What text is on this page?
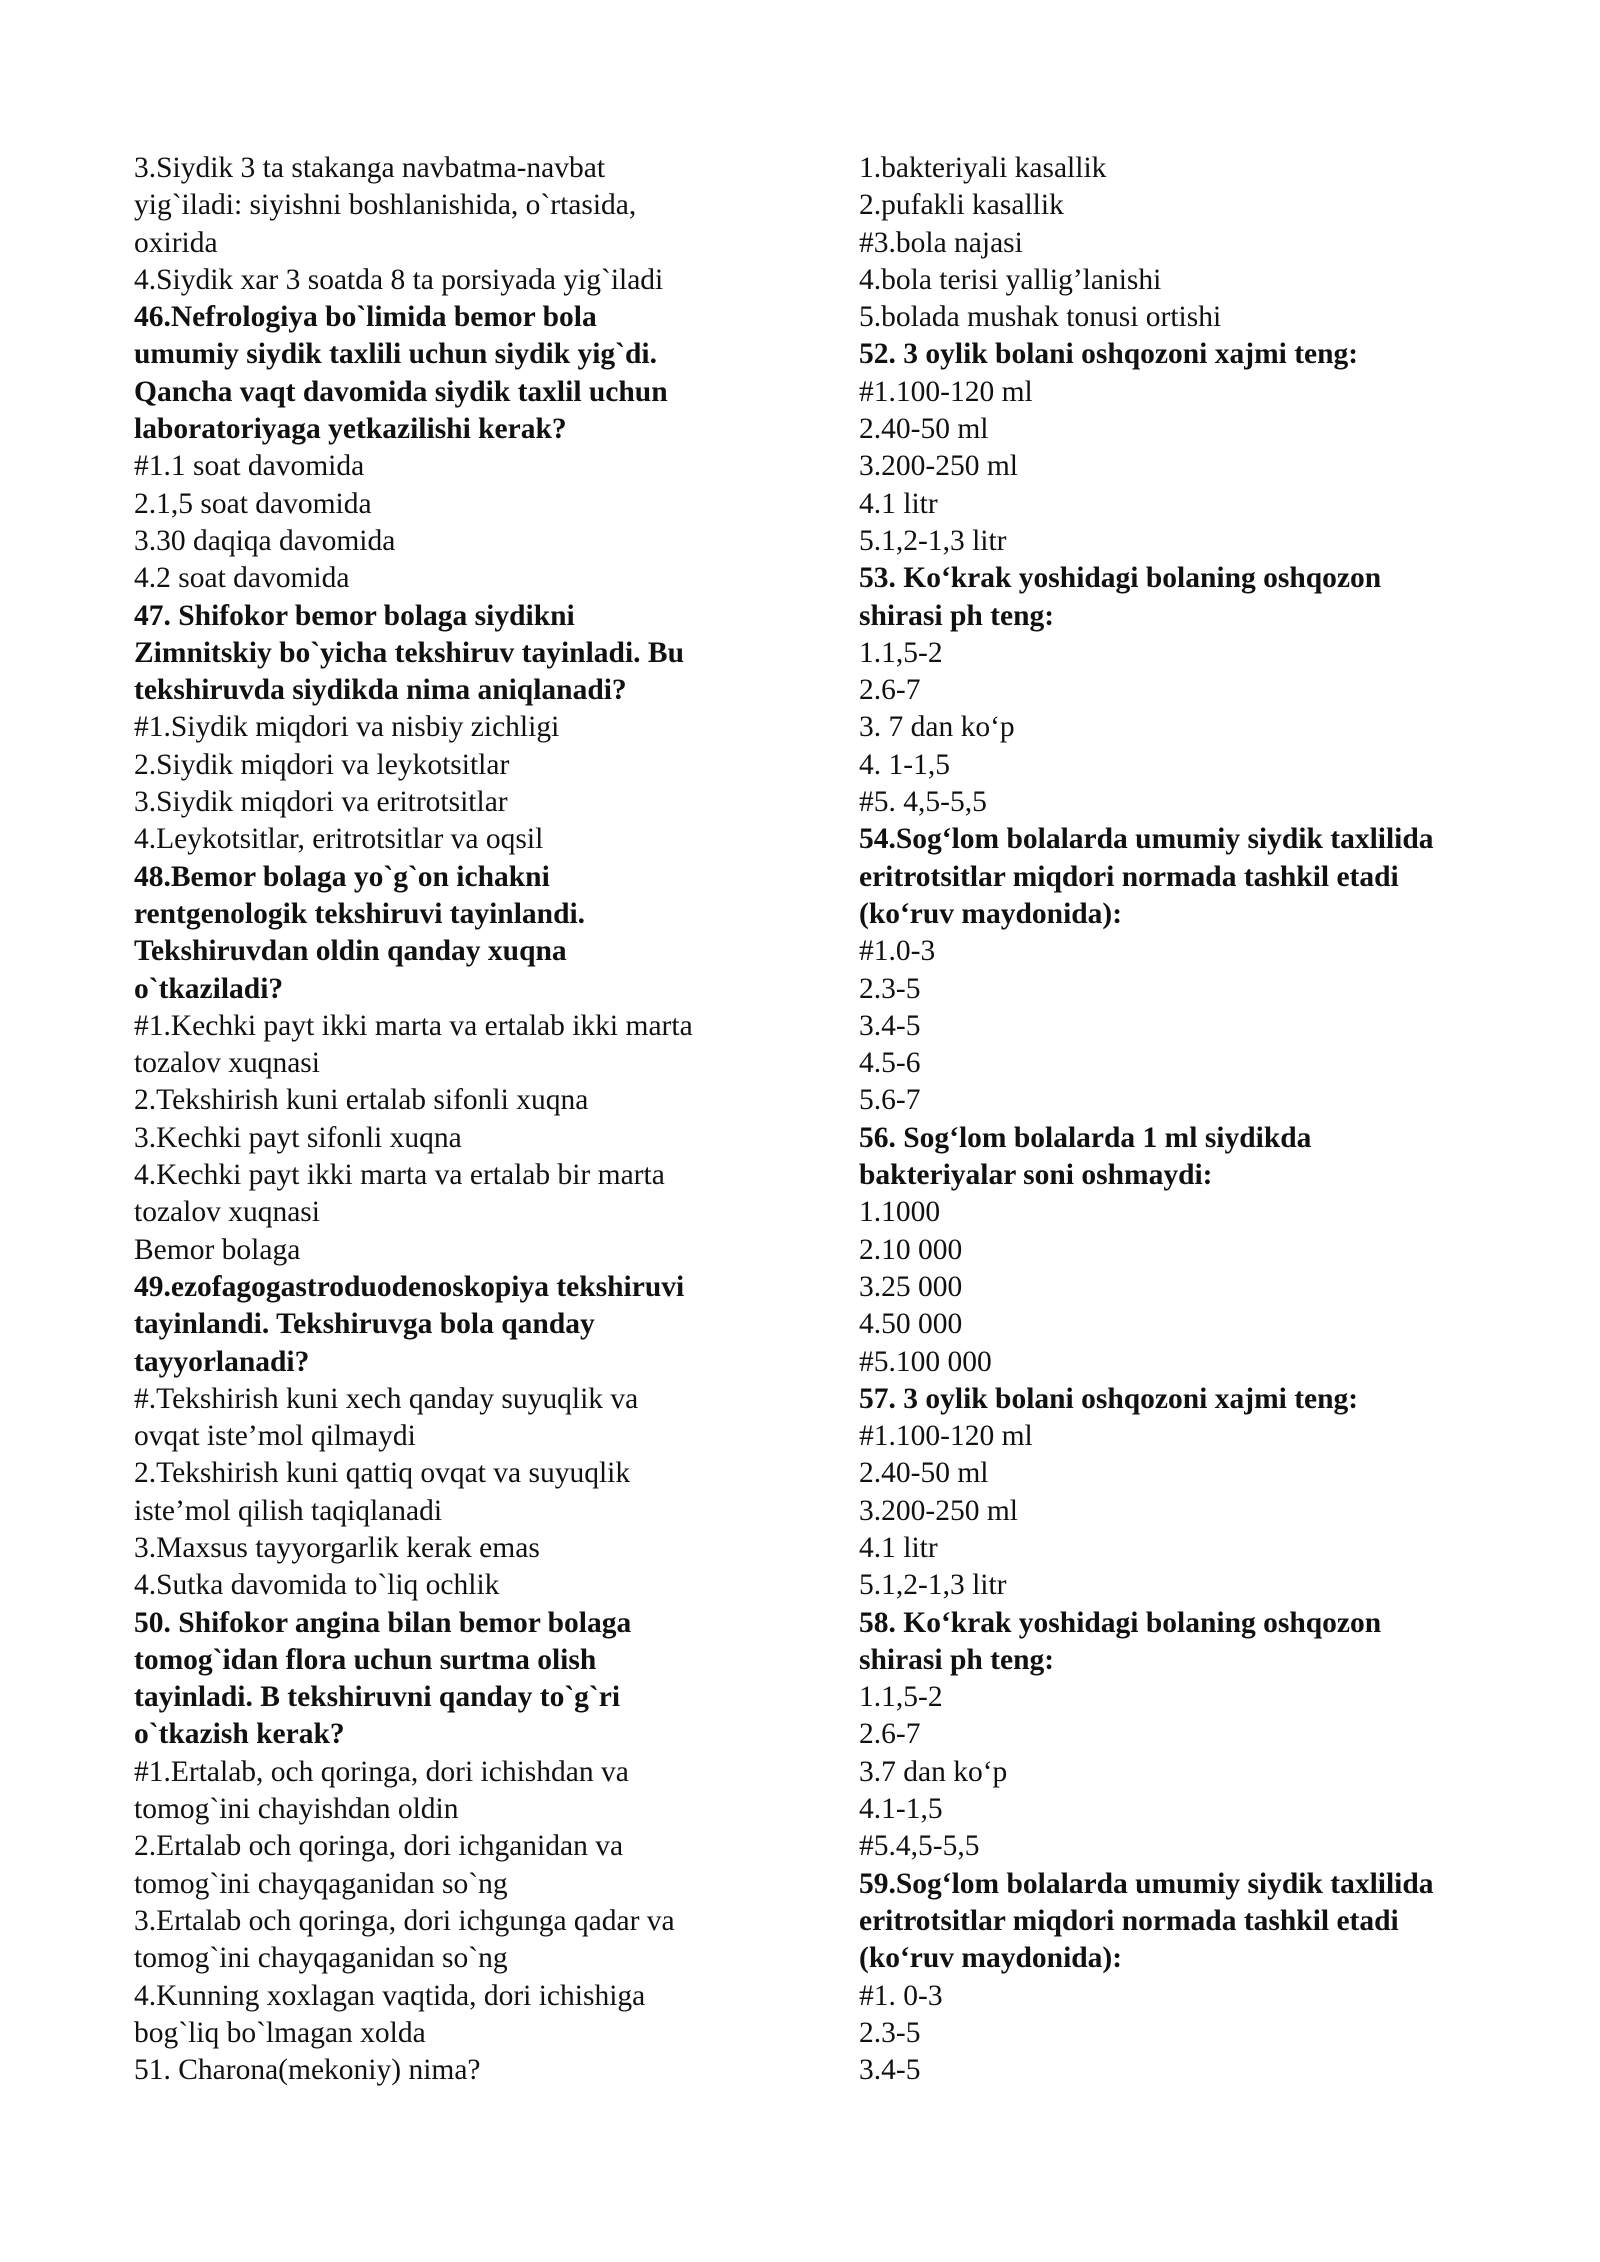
3.Siydik 3 ta stakanga navbatma-navbat
yig`iladi: siyishni boshlanishida, o`rtasida,
oxirida
4.Siydik xar 3 soatda 8 ta porsiyada yig`iladi
46.Nefrologiya bo`limida bemor bola
umumiy siydik taxlili uchun siydik yig`di.
Qancha vaqt davomida siydik taxlil uchun
laboratoriyaga yetkazilishi kerak?
#1.1 soat davomida
2.1,5 soat davomida
3.30 daqiqa davomida
4.2 soat davomida
47. Shifokor bemor bolaga siydikni
Zimnitskiy bo`yicha tekshiruv tayinladi. Bu
tekshiruvda siydikda nima aniqlanadi?
#1.Siydik miqdori va nisbiy zichligi
2.Siydik miqdori va leykotsitlar
3.Siydik miqdori va eritrotsitlar
4.Leykotsitlar, eritrotsitlar va oqsil
48.Bemor bolaga yo`g`on ichakni
rentgenologik tekshiruvi tayinlandi.
Tekshiruvdan oldin qanday xuqna
o`tkaziladi?
#1.Kechki payt ikki marta va ertalab ikki marta
tozalov xuqnasi
2.Tekshirish kuni ertalab sifonli xuqna
3.Kechki payt sifonli xuqna
4.Kechki payt ikki marta va ertalab bir marta
tozalov xuqnasi
Bemor bolaga
49.ezofagogastroduodenoskopiya tekshiruvi
tayinlandi. Tekshiruvga bola qanday
tayyorlanadi?
#.Tekshirish kuni xech qanday suyuqlik va
ovqat iste’mol qilmaydi
2.Tekshirish kuni qattiq ovqat va suyuqlik
iste’mol qilish taqiqlanadi
3.Maxsus tayyorgarlik kerak emas
4.Sutka davomida to`liq ochlik
50. Shifokor angina bilan bemor bolaga
tomog`idan flora uchun surtma olish
tayinladi. B tekshiruvni qanday to`g`ri
o`tkazish kerak?
#1.Ertalab, och qoringa, dori ichishdan va
tomog`ini chayishdan oldin
2.Ertalab och qoringa, dori ichganidan va
tomog`ini chayqaganidan so`ng
3.Ertalab och qoringa, dori ichgunga qadar va
tomog`ini chayqaganidan so`ng
4.Kunning xoxlagan vaqtida, dori ichishiga
bog`liq bo`lmagan xolda
51. Charona(mekoniy) nima?
1.bakteriyali kasallik
2.pufakli kasallik
#3.bola najasi
4.bola terisi yallig’lanishi
5.bolada mushak tonusi ortishi
52. 3 oylik bolani oshqozoni xajmi teng:
#1.100-120 ml
2.40-50 ml
3.200-250 ml
4.1 litr
5.1,2-1,3 litr
53. Ko‘krak yoshidagi bolaning oshqozon
shirasi ph teng:
1.1,5-2
2.6-7
3. 7 dan ko‘p
4. 1-1,5
#5. 4,5-5,5
54.Sog‘lom bolalarda umumiy siydik taxlilida
eritrotsitlar miqdori normada tashkil etadi
(ko‘ruv maydonida):
#1.0-3
2.3-5
3.4-5
4.5-6
5.6-7
56. Sog‘lom bolalarda 1 ml siydikda
bakteriyalar soni oshmaydi:
1.1000
2.10 000
3.25 000
4.50 000
#5.100 000
57. 3 oylik bolani oshqozoni xajmi teng:
#1.100-120 ml
2.40-50 ml
3.200-250 ml
4.1 litr
5.1,2-1,3 litr
58. Ko‘krak yoshidagi bolaning oshqozon
shirasi ph teng:
1.1,5-2
2.6-7
3.7 dan ko‘p
4.1-1,5
#5.4,5-5,5
59.Sog‘lom bolalarda umumiy siydik taxlilida
eritrotsitlar miqdori normada tashkil etadi
(ko‘ruv maydonida):
#1. 0-3
2.3-5
3.4-5
